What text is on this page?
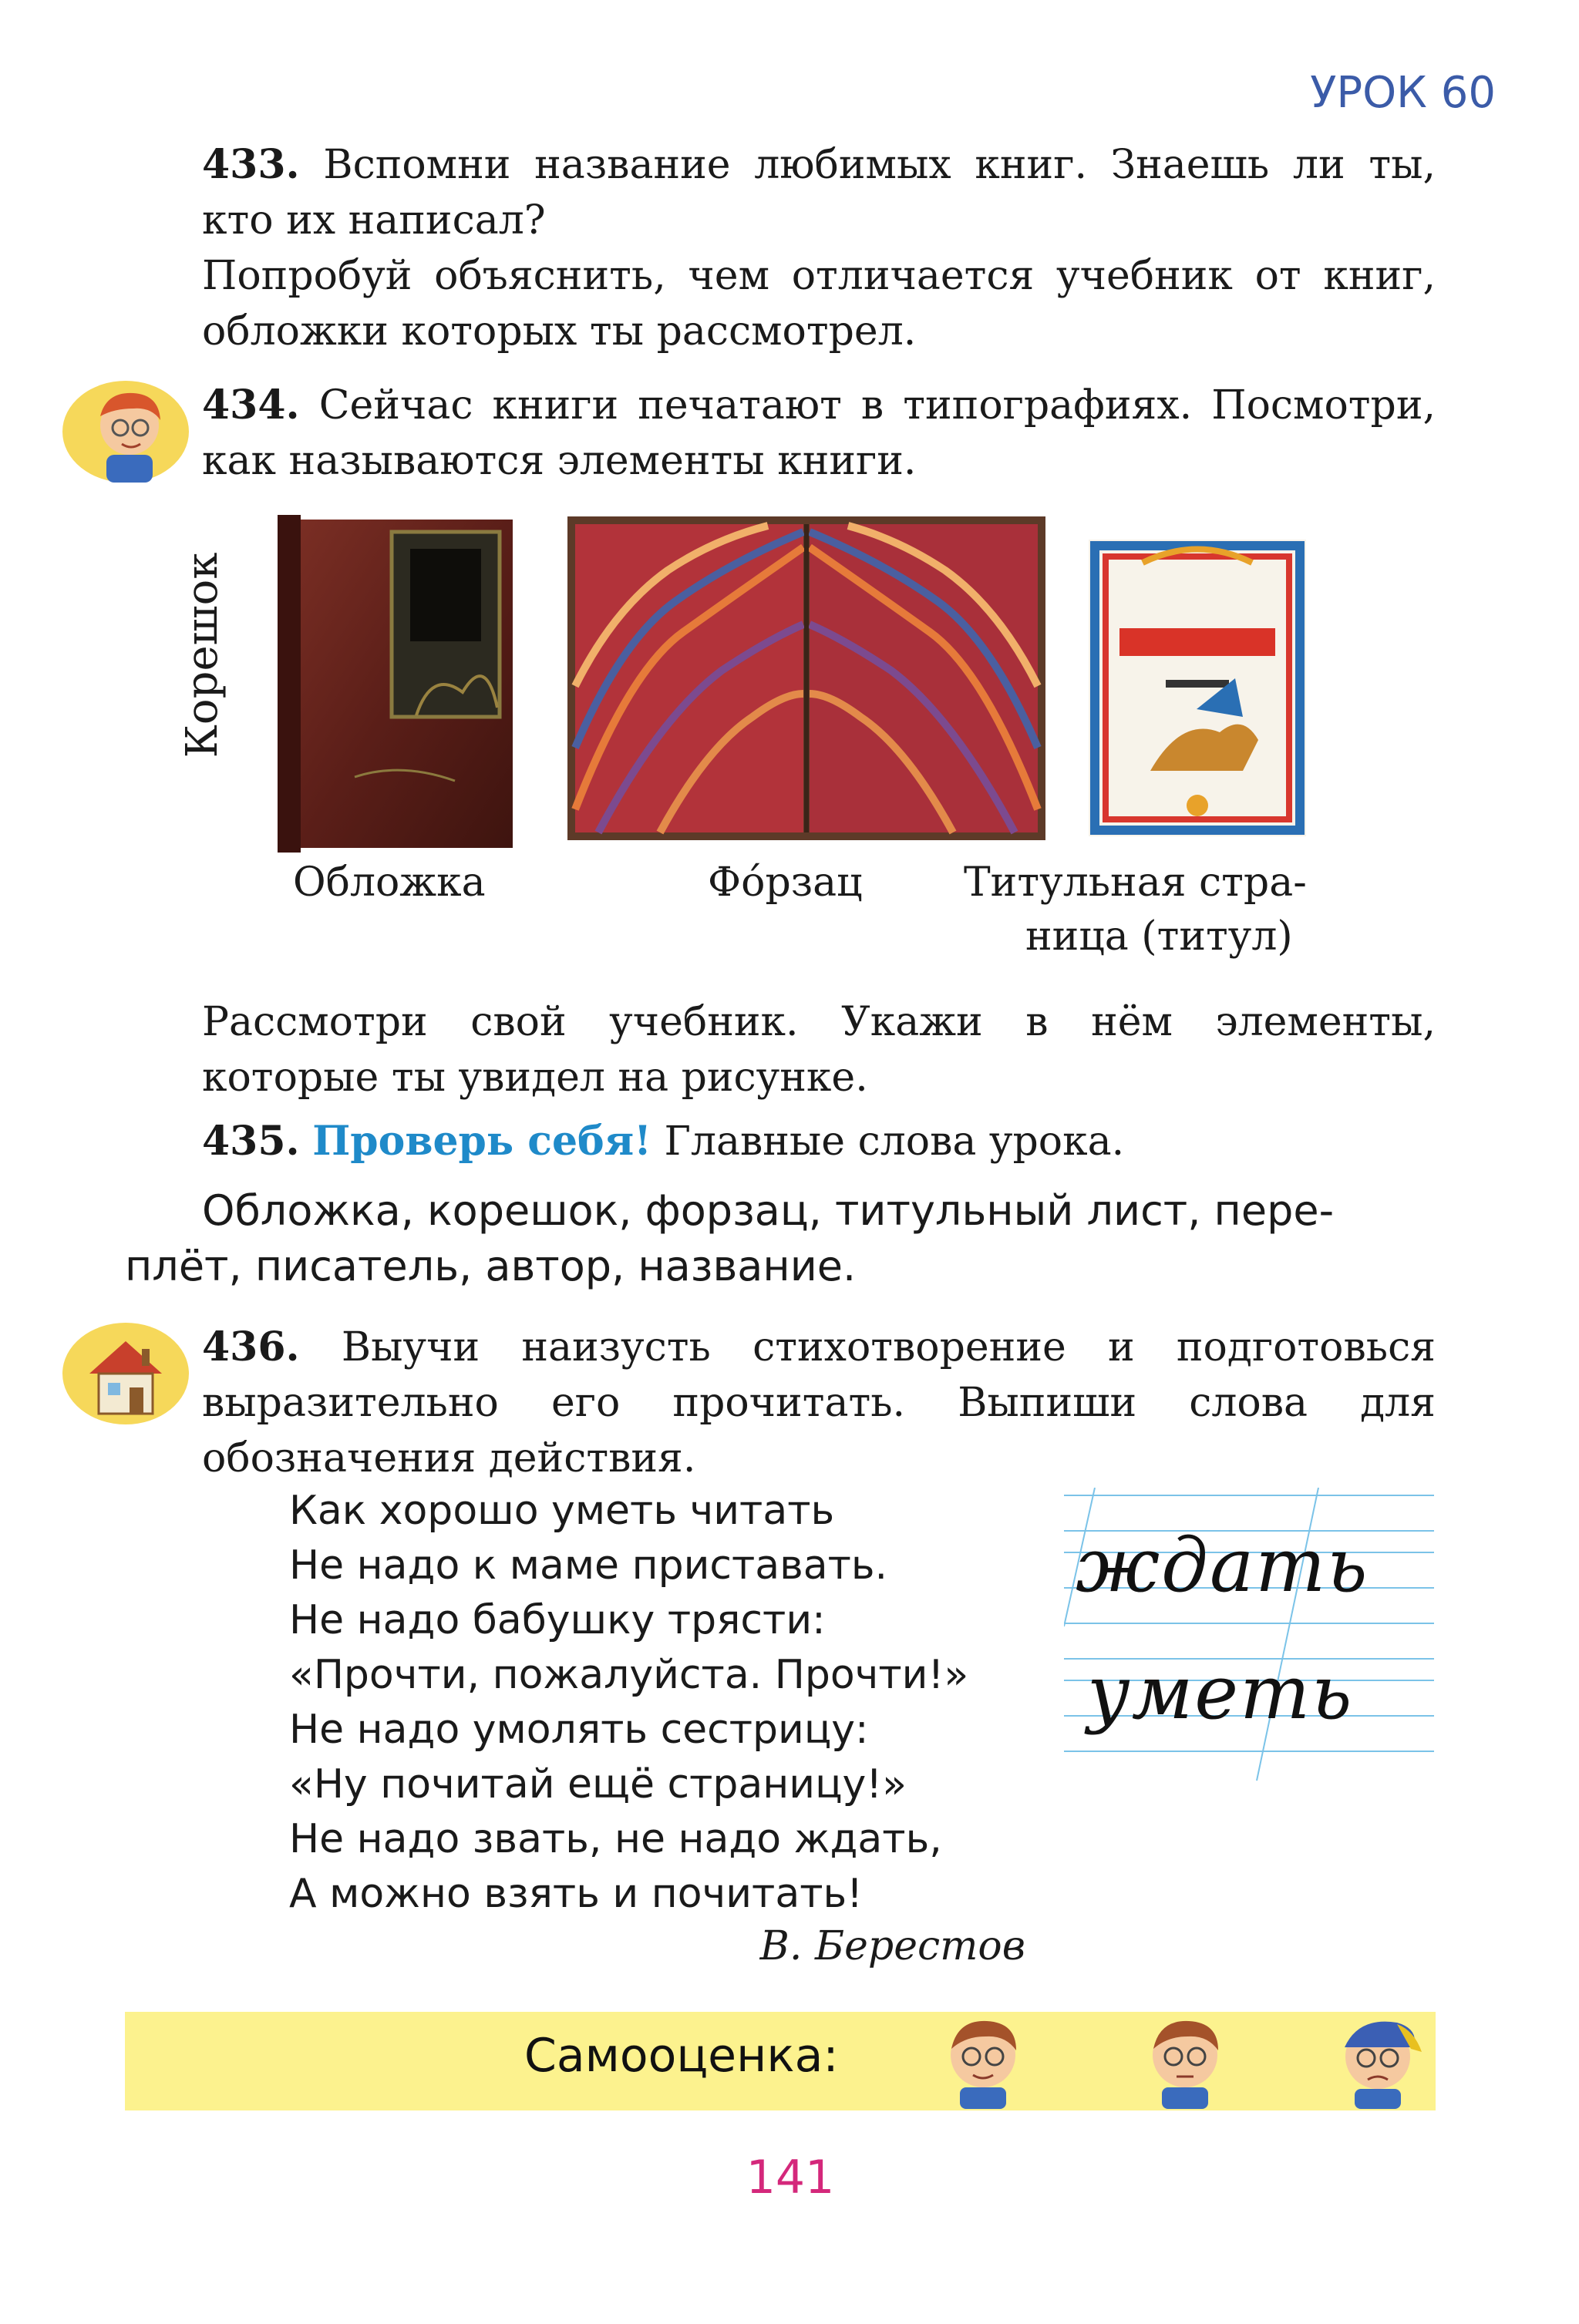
УРОК 60
433. Вспомни название любимых книг. Знаешь ли ты, кто их написал?
Попробуй объяснить, чем отличается учебник от книг, обложки которых ты рассмотрел.
434. Сейчас книги печатают в типографиях. Посмотри, как называются элементы книги.
Корешок
Обложка	Фо́рзац	Титульная стра-
ница (титул)
Рассмотри свой учебник. Укажи в нём элементы, которые ты увидел на рисунке.
435. Проверь себя! Главные слова урока.
Обложка, корешок, форзац, титульный лист, пере-
плёт, писатель, автор, название.
436. Выучи наизусть стихотворение и подготовься выразительно его прочитать. Выпиши слова для обозначения действия.
Как хорошо уметь читать
Не надо к маме приставать.
Не надо бабушку трясти:
«Прочти, пожалуйста. Прочти!»
Не надо умолять сестрицу:
«Ну почитай ещё страницу!»
Не надо звать, не надо ждать,
А можно взять и почитать!
В. Берестов
ждать
уметь
Самооценка:
141
